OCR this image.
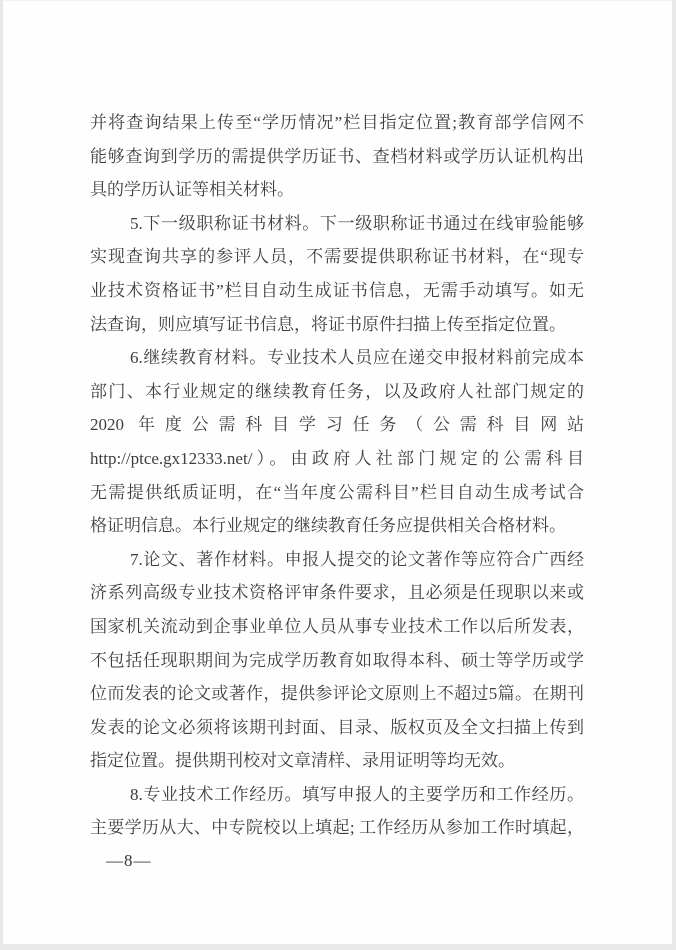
并将查询结果上传至“学历情况”栏目指定位置;教育部学信网不
能够查询到学历的需提供学历证书、查档材料或学历认证机构出
具的学历认证等相关材料。
5.下一级职称证书材料。下一级职称证书通过在线审验能够
实现查询共享的参评人员，不需要提供职称证书材料，在“现专
业技术资格证书”栏目自动生成证书信息，无需手动填写。如无
法查询，则应填写证书信息，将证书原件扫描上传至指定位置。
6.继续教育材料。专业技术人员应在递交申报材料前完成本
部门、本行业规定的继续教育任务，以及政府人社部门规定的
2020 年度公需科目学习任务（公需科目网站
http://ptce.gx12333.net/）。由政府人社部门规定的公需科目
无需提供纸质证明，在“当年度公需科目”栏目自动生成考试合
格证明信息。本行业规定的继续教育任务应提供相关合格材料。
7.论文、著作材料。申报人提交的论文著作等应符合广西经
济系列高级专业技术资格评审条件要求，且必须是任现职以来或
国家机关流动到企事业单位人员从事专业技术工作以后所发表，
不包括任现职期间为完成学历教育如取得本科、硕士等学历或学
位而发表的论文或著作，提供参评论文原则上不超过5篇。在期刊
发表的论文必须将该期刊封面、目录、版权页及全文扫描上传到
指定位置。提供期刊校对文章清样、录用证明等均无效。
8.专业技术工作经历。填写申报人的主要学历和工作经历。
主要学历从大、中专院校以上填起; 工作经历从参加工作时填起，
—8—
